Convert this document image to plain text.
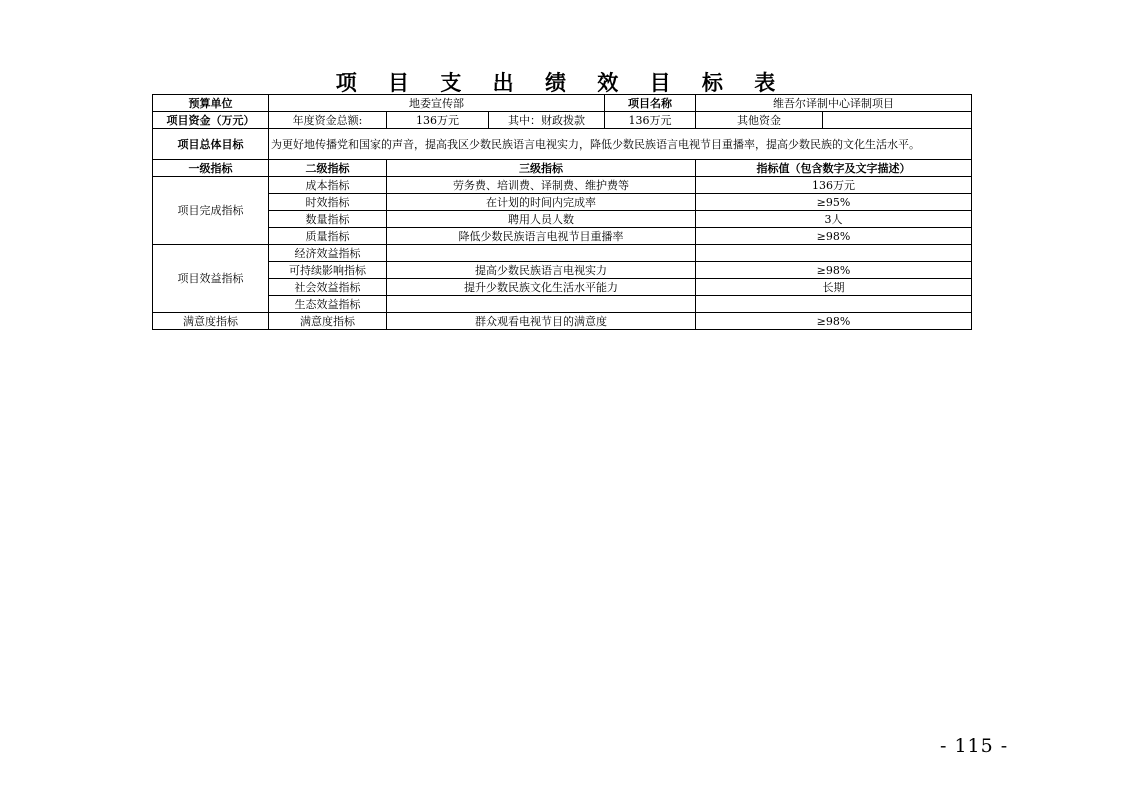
项 目 支 出 绩 效 目 标 表
预算单位	地委宣传部			项目名称	维吾尔译制中心译制项目	
项目资金（万元）	年度资金总额:	136万元	其中：财政拨款	136万元	其他资金	
项目总体目标	为更好地传播党和国家的声音，提高我区少数民族语言电视实力，降低少数民族语言电视节目重播率，提高少数民族的文化生活水平。					
一级指标	二级指标	三级指标			指标值（包含数字及文字描述）	
项目完成指标	成本指标	劳务费、培训费、译制费、维护费等			136万元	
	时效指标	在计划的时间内完成率			≥95%	
	数量指标	聘用人员人数			3人	
	质量指标	降低少数民族语言电视节目重播率			≥98%	
项目效益指标	经济效益指标					
	可持续影响指标	提高少数民族语言电视实力			≥98%	
	社会效益指标	提升少数民族文化生活水平能力			长期	
	生态效益指标					
满意度指标	满意度指标	群众观看电视节目的满意度			≥98%	
- 115 -
